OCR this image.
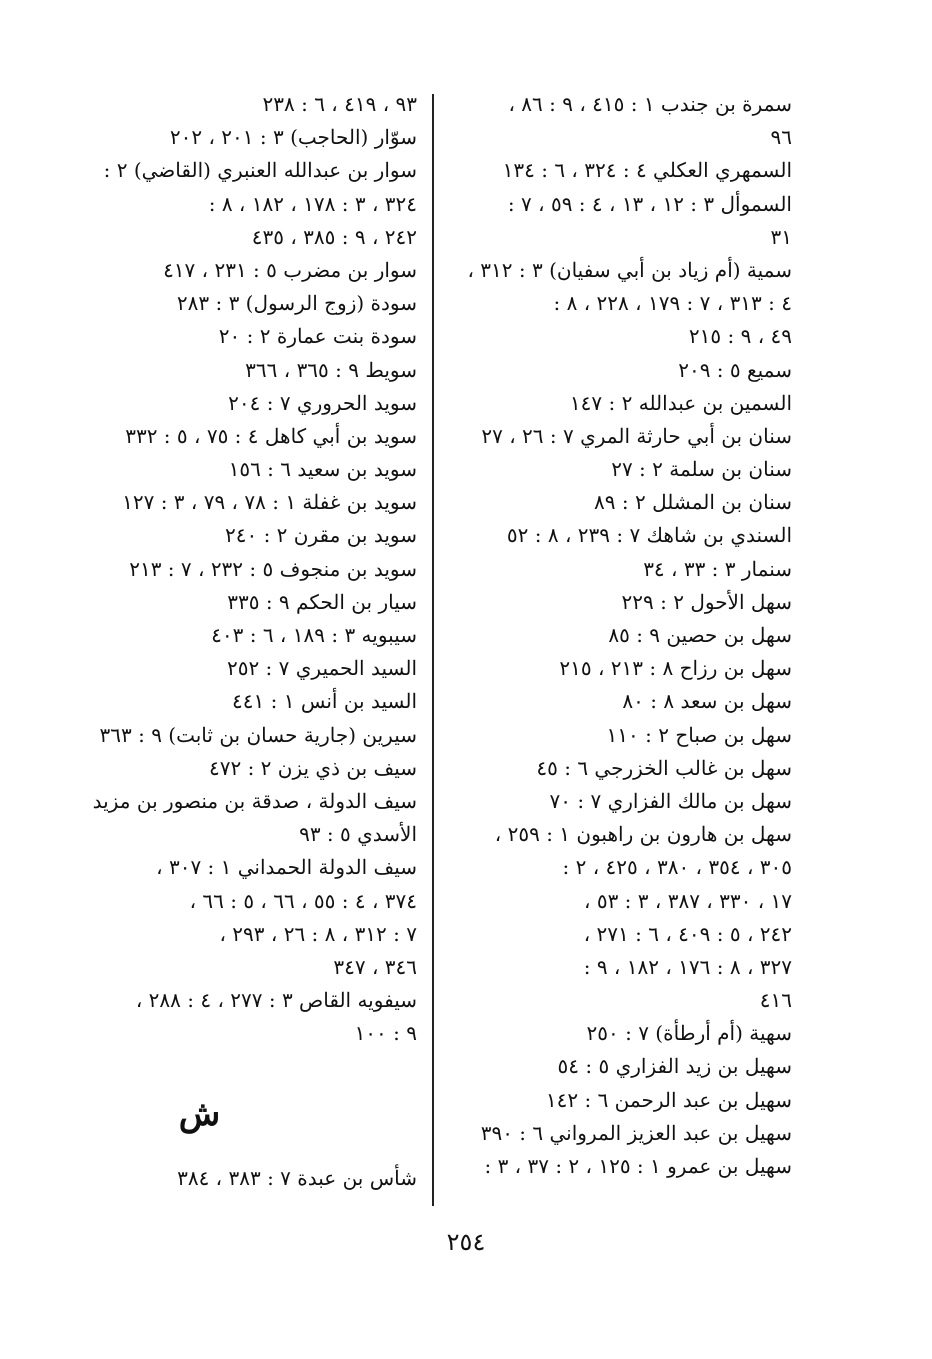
سمرة بن جندب ١ : ٤١٥ ، ٩ : ٨٦ ،
٩٦
السمهري العكلي ٤ : ٣٢٤ ، ٦ : ١٣٤
السموأل ٣ : ١٢ ، ١٣ ، ٤ : ٥٩ ، ٧ :
٣١
سمية (أم زياد بن أبي سفيان) ٣ : ٣١٢ ،
٤ : ٣١٣ ، ٧ : ١٧٩ ، ٢٢٨ ، ٨ :
٤٩ ، ٩ : ٢١٥
سميع ٥ : ٢٠٩
السمين بن عبدالله ٢ : ١٤٧
سنان بن أبي حارثة المري ٧ : ٢٦ ، ٢٧
سنان بن سلمة ٢ : ٢٧
سنان بن المشلل ٢ : ٨٩
السندي بن شاهك ٧ : ٢٣٩ ، ٨ : ٥٢
سنمار ٣ : ٣٣ ، ٣٤
سهل الأحول ٢ : ٢٢٩
سهل بن حصين ٩ : ٨٥
سهل بن رزاح ٨ : ٢١٣ ، ٢١٥
سهل بن سعد ٨ : ٨٠
سهل بن صباح ٢ : ١١٠
سهل بن غالب الخزرجي ٦ : ٤٥
سهل بن مالك الفزاري ٧ : ٧٠
سهل بن هارون بن راهبون ١ : ٢٥٩ ،
٣٠٥ ، ٣٥٤ ، ٣٨٠ ، ٤٢٥ ، ٢ :
١٧ ، ٣٣٠ ، ٣٨٧ ، ٣ : ٥٣ ،
٢٤٢ ، ٥ : ٤٠٩ ، ٦ : ٢٧١ ،
٣٢٧ ، ٨ : ١٧٦ ، ١٨٢ ، ٩ :
٤١٦
سهية (أم أرطأة) ٧ : ٢٥٠
سهيل بن زيد الفزاري ٥ : ٥٤
سهيل بن عبد الرحمن ٦ : ١٤٢
سهيل بن عبد العزيز المرواني ٦ : ٣٩٠
سهيل بن عمرو ١ : ١٢٥ ، ٢ : ٣٧ ، ٣ :
٩٣ ، ٤١٩ ، ٦ : ٢٣٨
سوّار (الحاجب) ٣ : ٢٠١ ، ٢٠٢
سوار بن عبدالله العنبري (القاضي) ٢ :
٣٢٤ ، ٣ : ١٧٨ ، ١٨٢ ، ٨ :
٢٤٢ ، ٩ : ٣٨٥ ، ٤٣٥
سوار بن مضرب ٥ : ٢٣١ ، ٤١٧
سودة (زوج الرسول) ٣ : ٢٨٣
سودة بنت عمارة ٢ : ٢٠
سويط ٩ : ٣٦٥ ، ٣٦٦
سويد الحروري ٧ : ٢٠٤
سويد بن أبي كاهل ٤ : ٧٥ ، ٥ : ٣٣٢
سويد بن سعيد ٦ : ١٥٦
سويد بن غفلة ١ : ٧٨ ، ٧٩ ، ٣ : ١٢٧
سويد بن مقرن ٢ : ٢٤٠
سويد بن منجوف ٥ : ٢٣٢ ، ٧ : ٢١٣
سيار بن الحكم ٩ : ٣٣٥
سيبويه ٣ : ١٨٩ ، ٦ : ٤٠٣
السيد الحميري ٧ : ٢٥٢
السيد بن أنس ١ : ٤٤١
سيرين (جارية حسان بن ثابت) ٩ : ٣٦٣
سيف بن ذي يزن ٢ : ٤٧٢
سيف الدولة ، صدقة بن منصور بن مزيد
الأسدي ٥ : ٩٣
سيف الدولة الحمداني ١ : ٣٠٧ ،
٣٧٤ ، ٤ : ٥٥ ، ٦٦ ، ٥ : ٦٦ ،
٧ : ٣١٢ ، ٨ : ٢٦ ، ٢٩٣ ،
٣٤٦ ، ٣٤٧
سيفويه القاص ٣ : ٢٧٧ ، ٤ : ٢٨٨ ،
٩ : ١٠٠
ش
شأس بن عبدة ٧ : ٣٨٣ ، ٣٨٤
٢٥٤
